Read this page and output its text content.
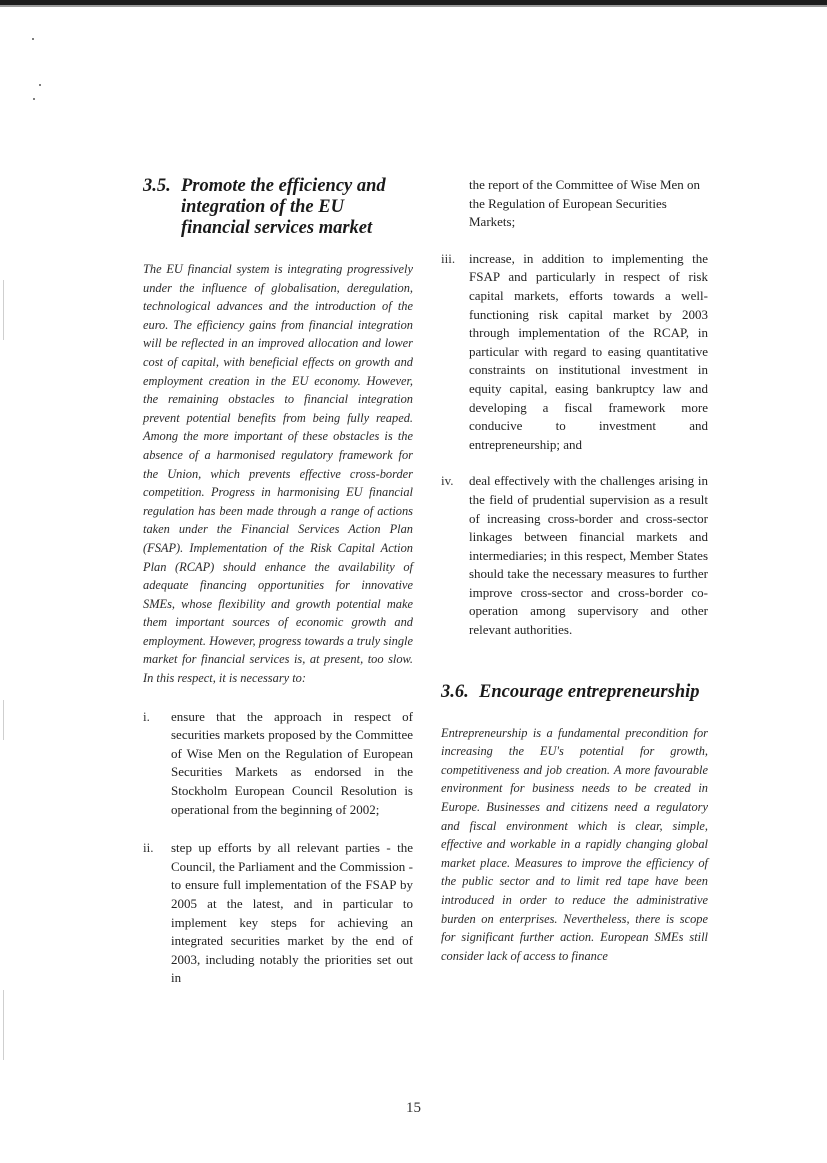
3.5. Promote the efficiency and integration of the EU financial services market

The EU financial system is integrating progressively under the influence of globalisation, deregulation, technological advances and the introduction of the euro. The efficiency gains from financial integration will be reflected in an improved allocation and lower cost of capital, with beneficial effects on growth and employment creation in the EU economy. However, the remaining obstacles to financial integration prevent potential benefits from being fully reaped. Among the more important of these obstacles is the absence of a harmonised regulatory framework for the Union, which prevents effective cross-border competition. Progress in harmonising EU financial regulation has been made through a range of actions taken under the Financial Services Action Plan (FSAP). Implementation of the Risk Capital Action Plan (RCAP) should enhance the availability of adequate financing opportunities for innovative SMEs, whose flexibility and growth potential make them important sources of economic growth and employment. However, progress towards a truly single market for financial services is, at present, too slow. In this respect, it is necessary to:

i.	ensure that the approach in respect of securities markets proposed by the Committee of Wise Men on the Regulation of European Securities Markets as endorsed in the Stockholm European Council Resolution is operational from the beginning of 2002;
ii.	step up efforts by all relevant parties - the Council, the Parliament and the Commission - to ensure full implementation of the FSAP by 2005 at the latest, and in particular to implement key steps for achieving an integrated securities market by the end of 2003, including notably the priorities set out in
the report of the Committee of Wise Men on the Regulation of European Securities Markets;
iii.	increase, in addition to implementing the FSAP and particularly in respect of risk capital markets, efforts towards a well-functioning risk capital market by 2003 through implementation of the RCAP, in particular with regard to easing quantitative constraints on institutional investment in equity capital, easing bankruptcy law and developing a fiscal framework more conducive to investment and entrepreneurship; and
iv.	deal effectively with the challenges arising in the field of prudential supervision as a result of increasing cross-border and cross-sector linkages between financial markets and intermediaries; in this respect, Member States should take the necessary measures to further improve cross-sector and cross-border co-operation among supervisory and other relevant authorities.
3.6. Encourage entrepreneurship

Entrepreneurship is a fundamental precondition for increasing the EU's potential for growth, competitiveness and job creation. A more favourable environment for business needs to be created in Europe. Businesses and citizens need a regulatory and fiscal environment which is clear, simple, effective and workable in a rapidly changing global market place. Measures to improve the efficiency of the public sector and to limit red tape have been introduced in order to reduce the administrative burden on enterprises. Nevertheless, there is scope for significant further action. European SMEs still consider lack of access to finance

15
